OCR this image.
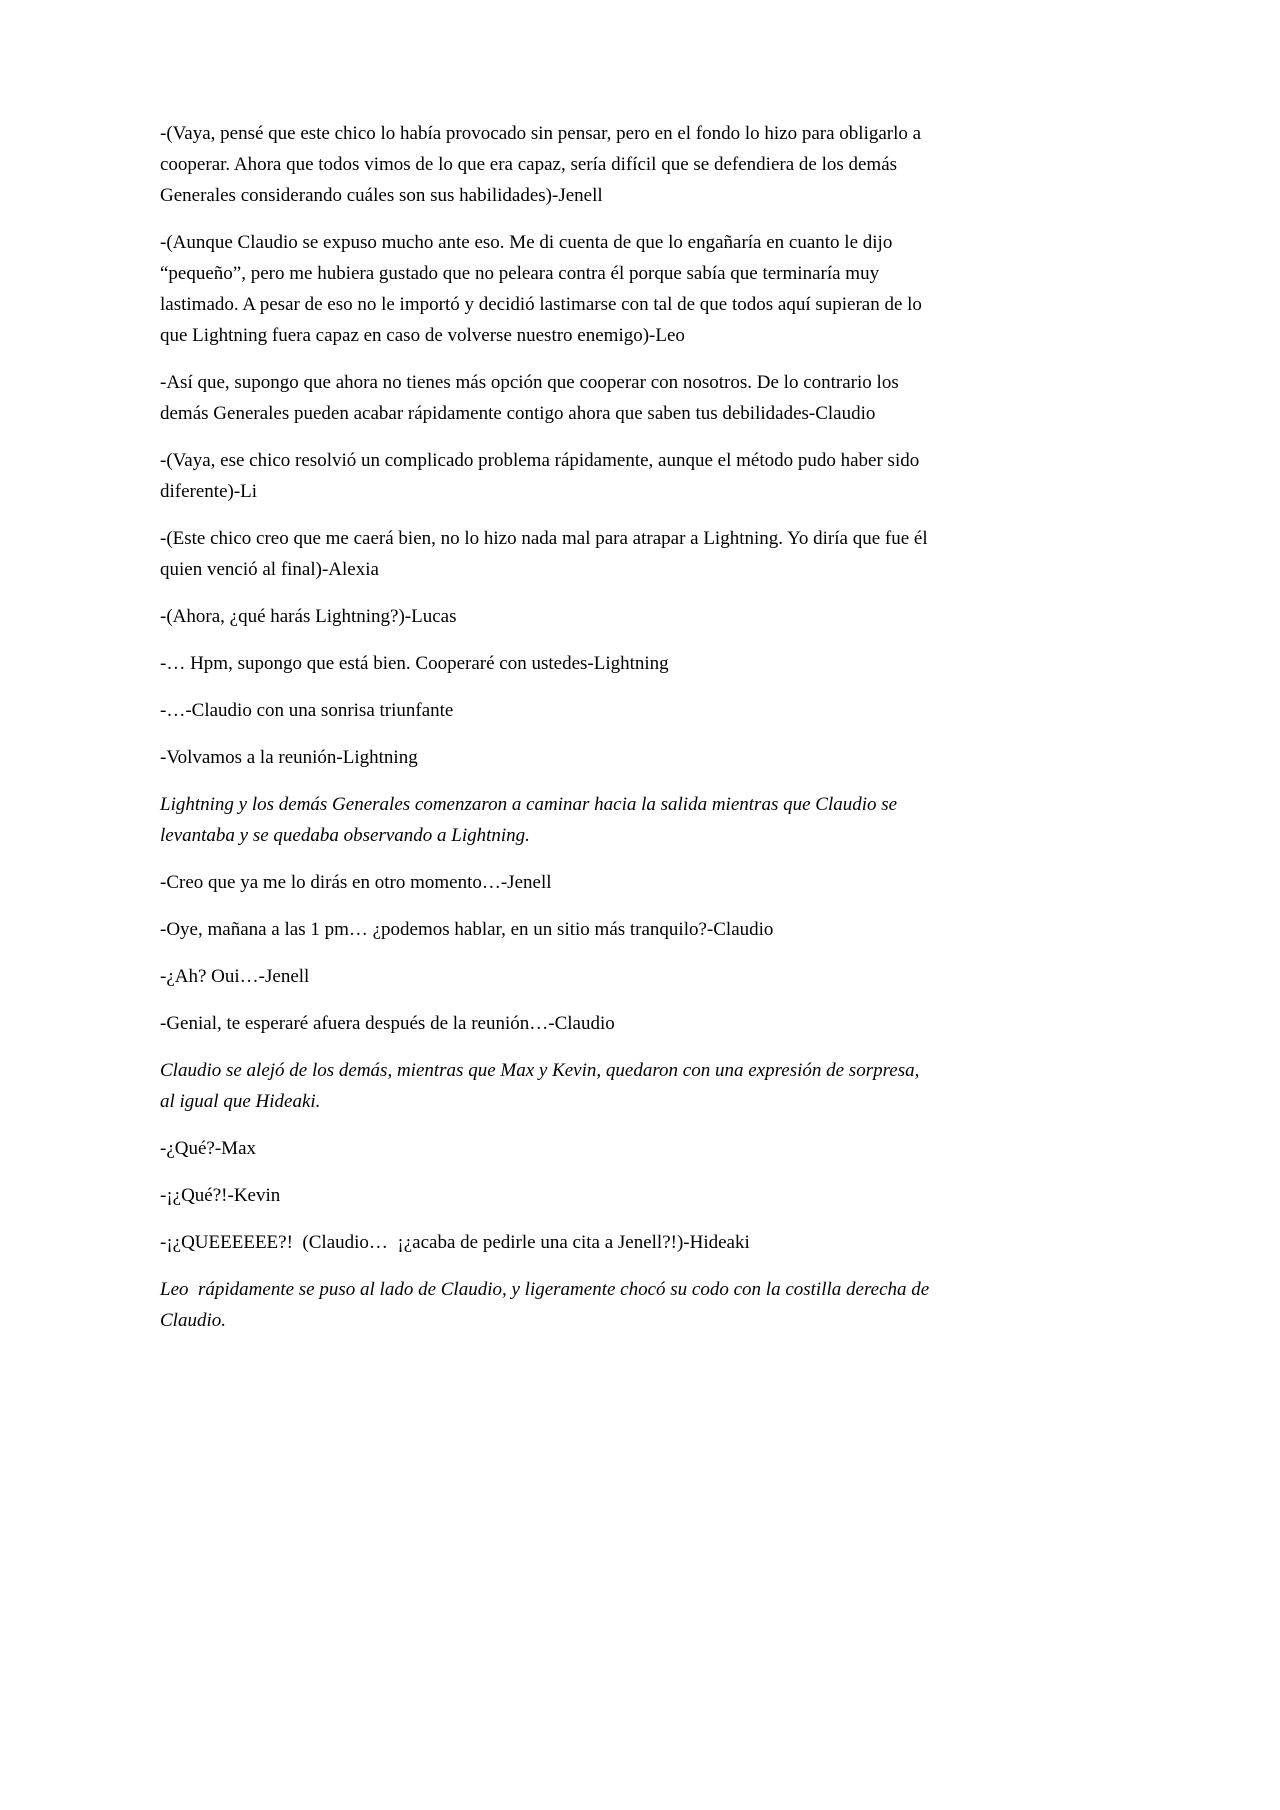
-(Vaya, pensé que este chico lo había provocado sin pensar, pero en el fondo lo hizo para obligarlo a cooperar. Ahora que todos vimos de lo que era capaz, sería difícil que se defendiera de los demás Generales considerando cuáles son sus habilidades)-Jenell

-(Aunque Claudio se expuso mucho ante eso. Me di cuenta de que lo engañaría en cuanto le dijo “pequeño”, pero me hubiera gustado que no peleara contra él porque sabía que terminaría muy lastimado. A pesar de eso no le importó y decidió lastimarse con tal de que todos aquí supieran de lo que Lightning fuera capaz en caso de volverse nuestro enemigo)-Leo

-Así que, supongo que ahora no tienes más opción que cooperar con nosotros. De lo contrario los demás Generales pueden acabar rápidamente contigo ahora que saben tus debilidades-Claudio

-(Vaya, ese chico resolvió un complicado problema rápidamente, aunque el método pudo haber sido diferente)-Li

-(Este chico creo que me caerá bien, no lo hizo nada mal para atrapar a Lightning. Yo diría que fue él quien venció al final)-Alexia

-(Ahora, ¿qué harás Lightning?)-Lucas

-… Hpm, supongo que está bien. Cooperaré con ustedes-Lightning

-…-Claudio con una sonrisa triunfante

-Volvamos a la reunión-Lightning

Lightning y los demás Generales comenzaron a caminar hacia la salida mientras que Claudio se levantaba y se quedaba observando a Lightning.

-Creo que ya me lo dirás en otro momento…-Jenell

-Oye, mañana a las 1 pm… ¿podemos hablar, en un sitio más tranquilo?-Claudio

-¿Ah? Oui…-Jenell

-Genial, te esperaré afuera después de la reunión…-Claudio

Claudio se alejó de los demás, mientras que Max y Kevin, quedaron con una expresión de sorpresa, al igual que Hideaki.

-¿Qué?-Max

-¡¿Qué?!-Kevin

-¡¿QUEEEEEE?!  (Claudio…  ¡¿acaba de pedirle una cita a Jenell?!)-Hideaki

Leo  rápidamente se puso al lado de Claudio, y ligeramente chocó su codo con la costilla derecha de Claudio.
